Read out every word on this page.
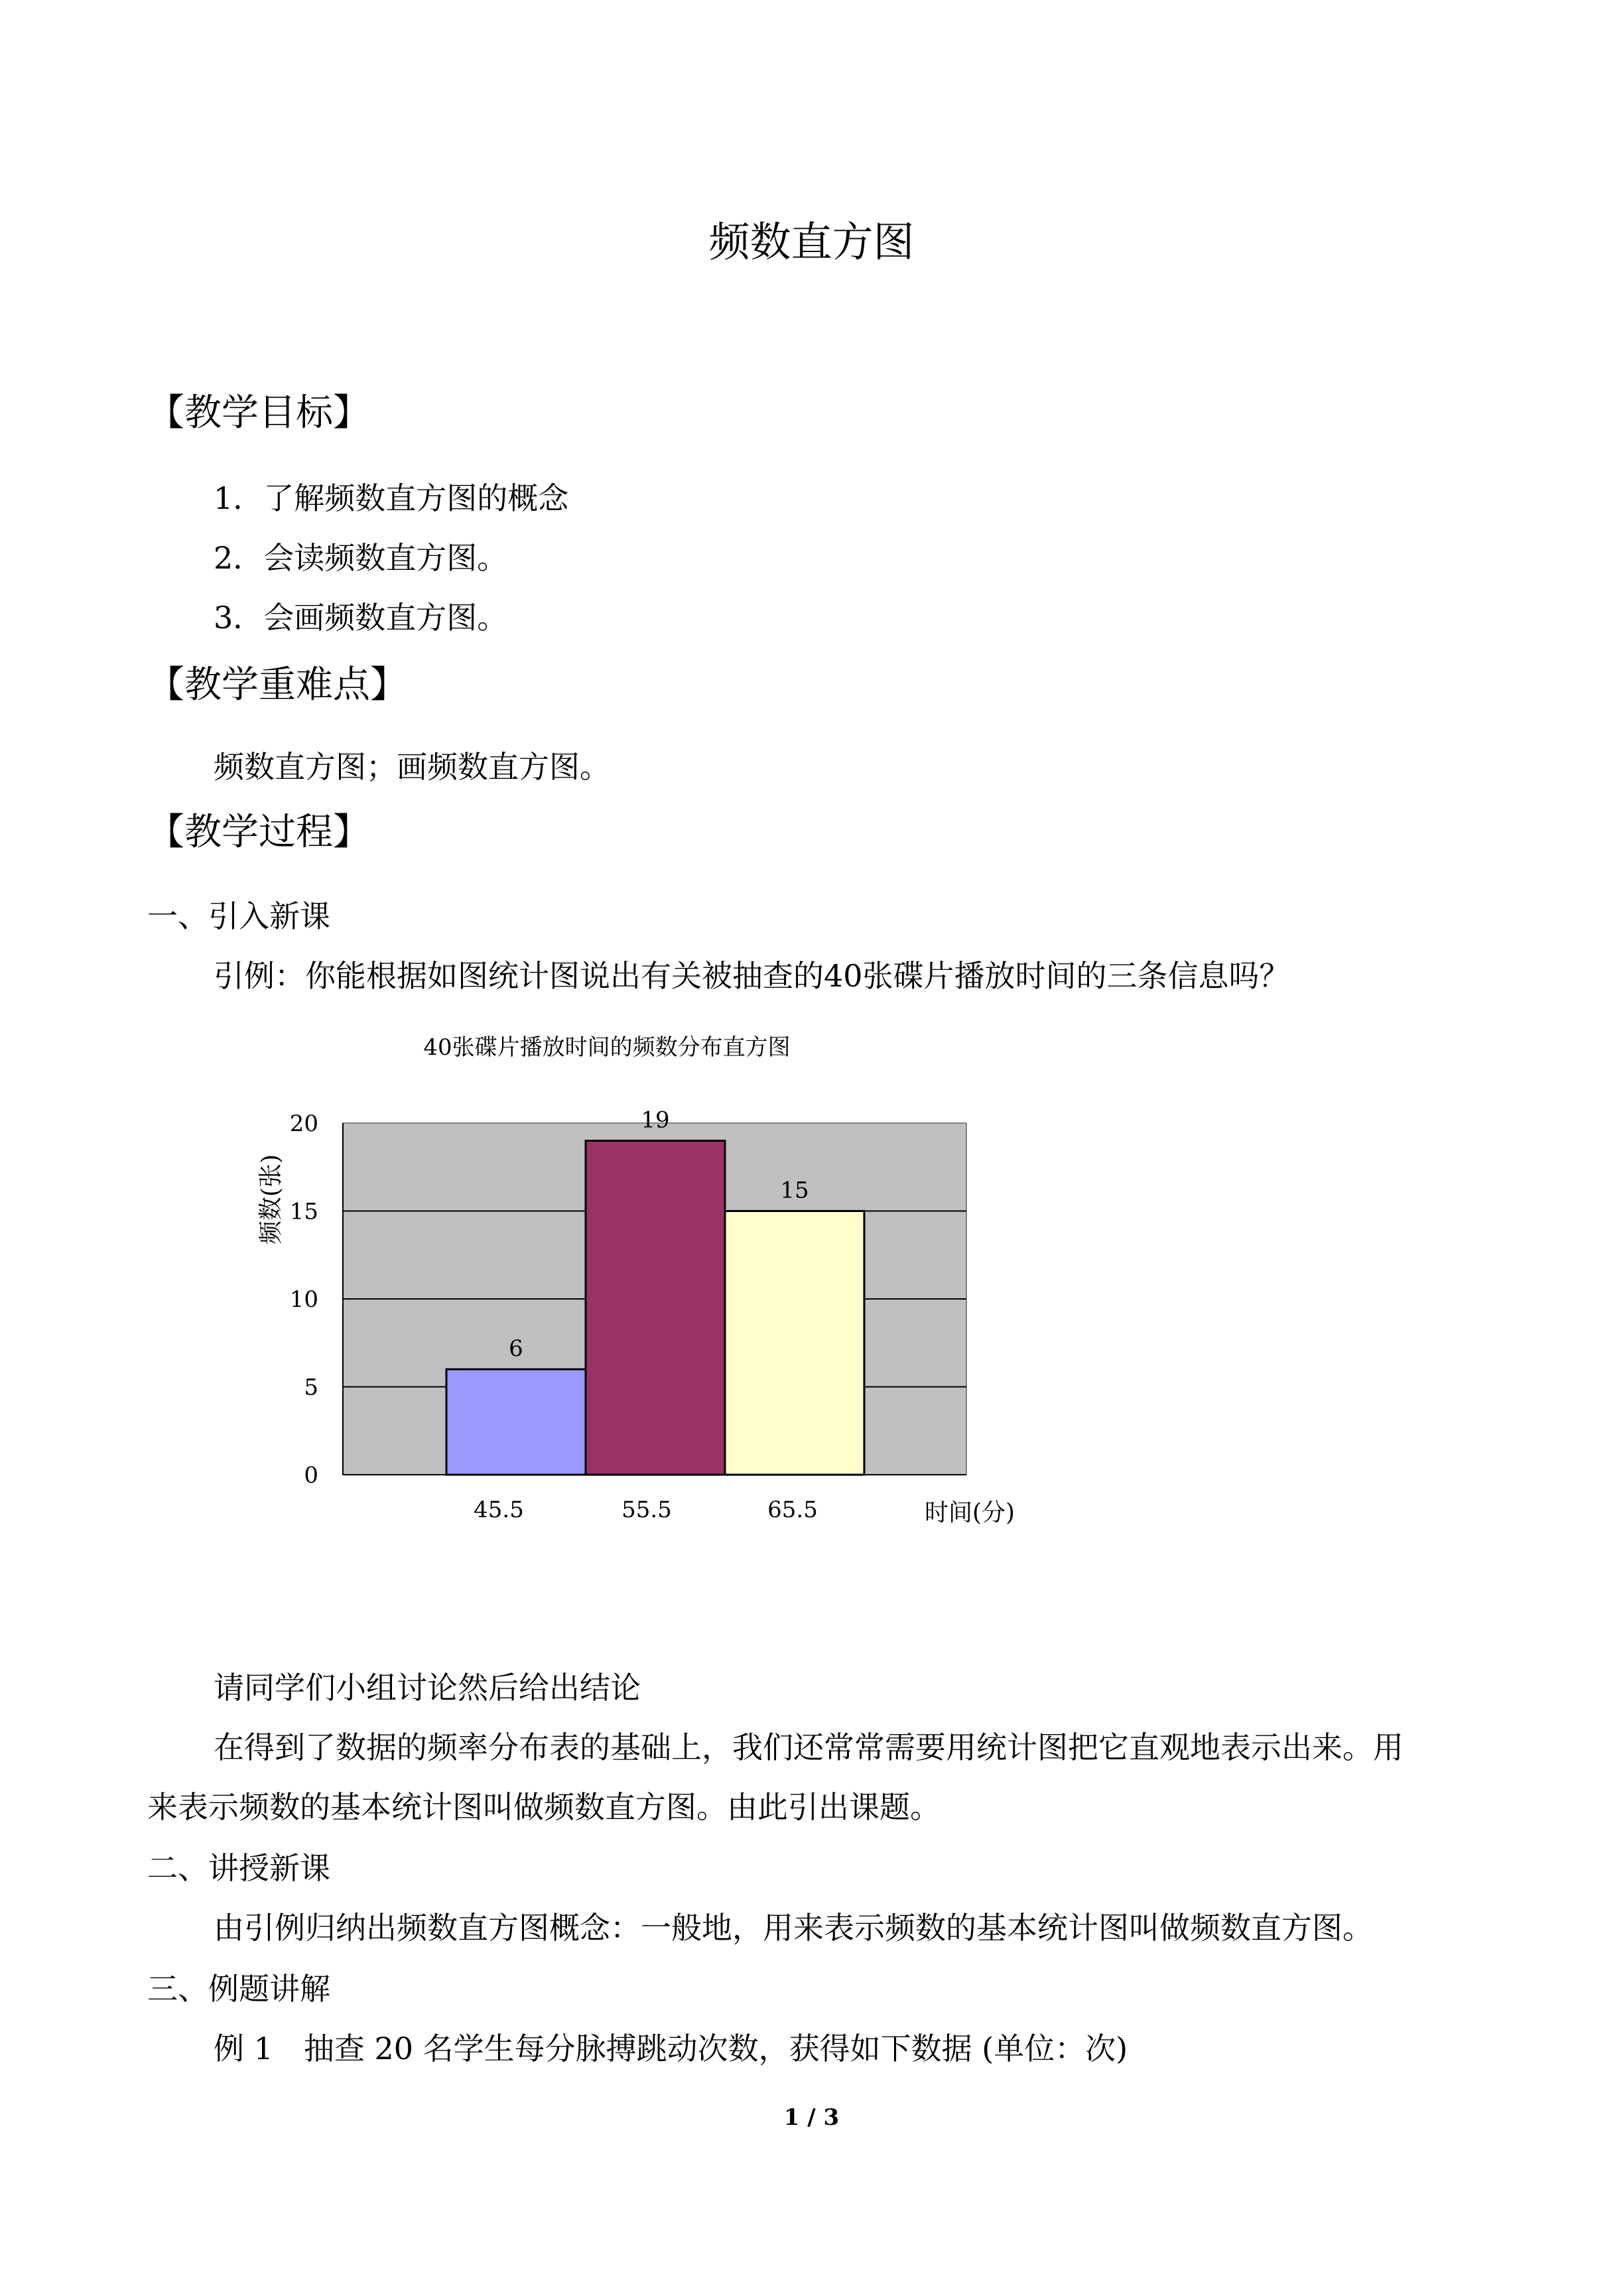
频数直方图
【教学目标】
1．了解频数直方图的概念
2．会读频数直方图。
3．会画频数直方图。
【教学重难点】
频数直方图；画频数直方图。
【教学过程】
一、引入新课
引例：你能根据如图统计图说出有关被抽查的40张碟片播放时间的三条信息吗？
40张碟片播放时间的频数分布直方图
0
5
10
15
20
6
19
15
45.5	55.5	65.5	时间(分)
频数(张)
请同学们小组讨论然后给出结论
在得到了数据的频率分布表的基础上，我们还常常需要用统计图把它直观地表示出来。用
来表示频数的基本统计图叫做频数直方图。由此引出课题。
二、讲授新课
由引例归纳出频数直方图概念：一般地，用来表示频数的基本统计图叫做频数直方图。
三、例题讲解
例 1　抽查 20 名学生每分脉搏跳动次数，获得如下数据 (单位：次)
1 / 3
